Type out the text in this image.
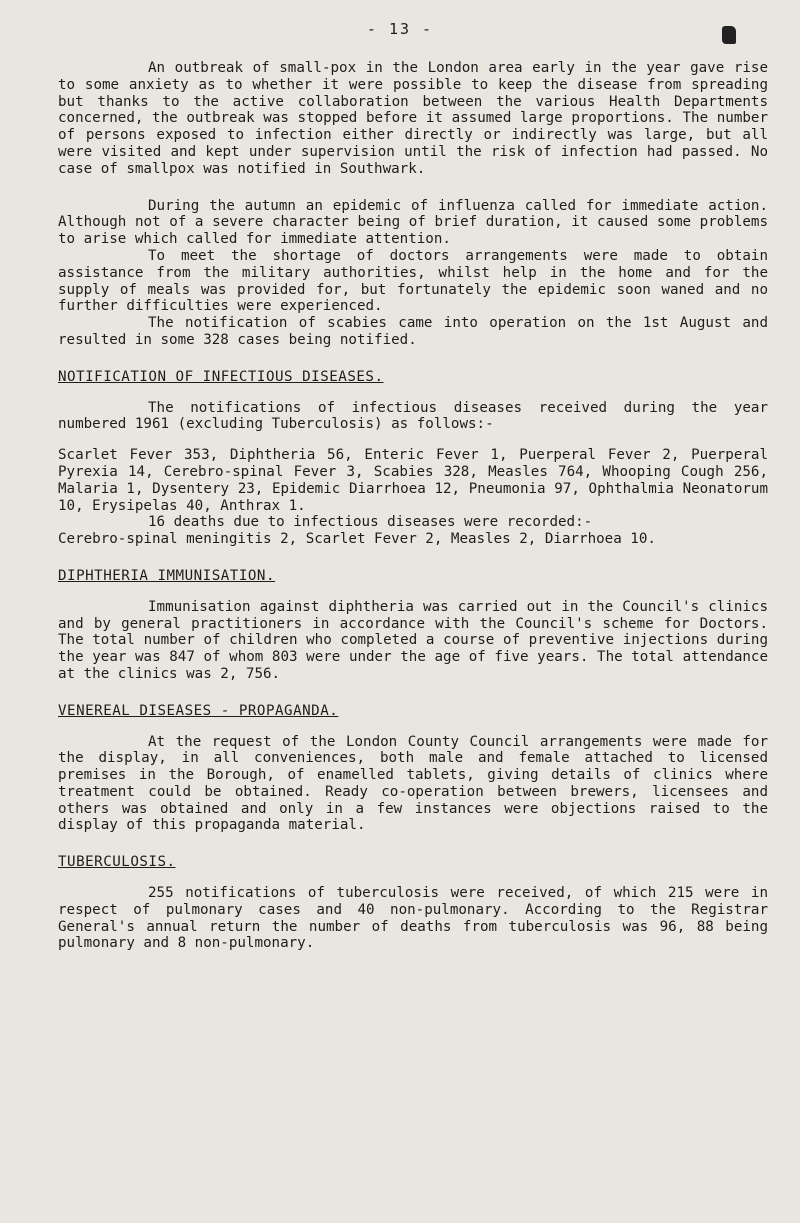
- 13 -

An outbreak of small-pox in the London area early in the year gave rise to some anxiety as to whether it were possible to keep the disease from spreading but thanks to the active collaboration between the various Health Departments concerned, the outbreak was stopped before it assumed large proportions. The number of persons exposed to infection either directly or indirectly was large, but all were visited and kept under supervision until the risk of infection had passed. No case of smallpox was notified in Southwark.

During the autumn an epidemic of influenza called for immediate action. Although not of a severe character being of brief duration, it caused some problems to arise which called for immediate attention.

To meet the shortage of doctors arrangements were made to obtain assistance from the military authorities, whilst help in the home and for the supply of meals was provided for, but fortunately the epidemic soon waned and no further difficulties were experienced.

The notification of scabies came into operation on the 1st August and resulted in some 328 cases being notified.

NOTIFICATION OF INFECTIOUS DISEASES.

The notifications of infectious diseases received during the year numbered 1961 (excluding Tuberculosis) as follows:-

Scarlet Fever 353, Diphtheria 56, Enteric Fever 1, Puerperal Fever 2, Puerperal Pyrexia 14, Cerebro-spinal Fever 3, Scabies 328, Measles 764, Whooping Cough 256, Malaria 1, Dysentery 23, Epidemic Diarrhoea 12, Pneumonia 97, Ophthalmia Neonatorum 10, Erysipelas 40, Anthrax 1.

16 deaths due to infectious diseases were recorded:-

Cerebro-spinal meningitis 2, Scarlet Fever 2, Measles 2, Diarrhoea 10.

DIPHTHERIA IMMUNISATION.

Immunisation against diphtheria was carried out in the Council's clinics and by general practitioners in accordance with the Council's scheme for Doctors. The total number of children who completed a course of preventive injections during the year was 847 of whom 803 were under the age of five years. The total attendance at the clinics was 2, 756.

VENEREAL DISEASES - PROPAGANDA.

At the request of the London County Council arrangements were made for the display, in all conveniences, both male and female attached to licensed premises in the Borough, of enamelled tablets, giving details of clinics where treatment could be obtained. Ready co-operation between brewers, licensees and others was obtained and only in a few instances were objections raised to the display of this propaganda material.

TUBERCULOSIS.

255 notifications of tuberculosis were received, of which 215 were in respect of pulmonary cases and 40 non-pulmonary. According to the Registrar General's annual return the number of deaths from tuberculosis was 96, 88 being pulmonary and 8 non-pulmonary.
